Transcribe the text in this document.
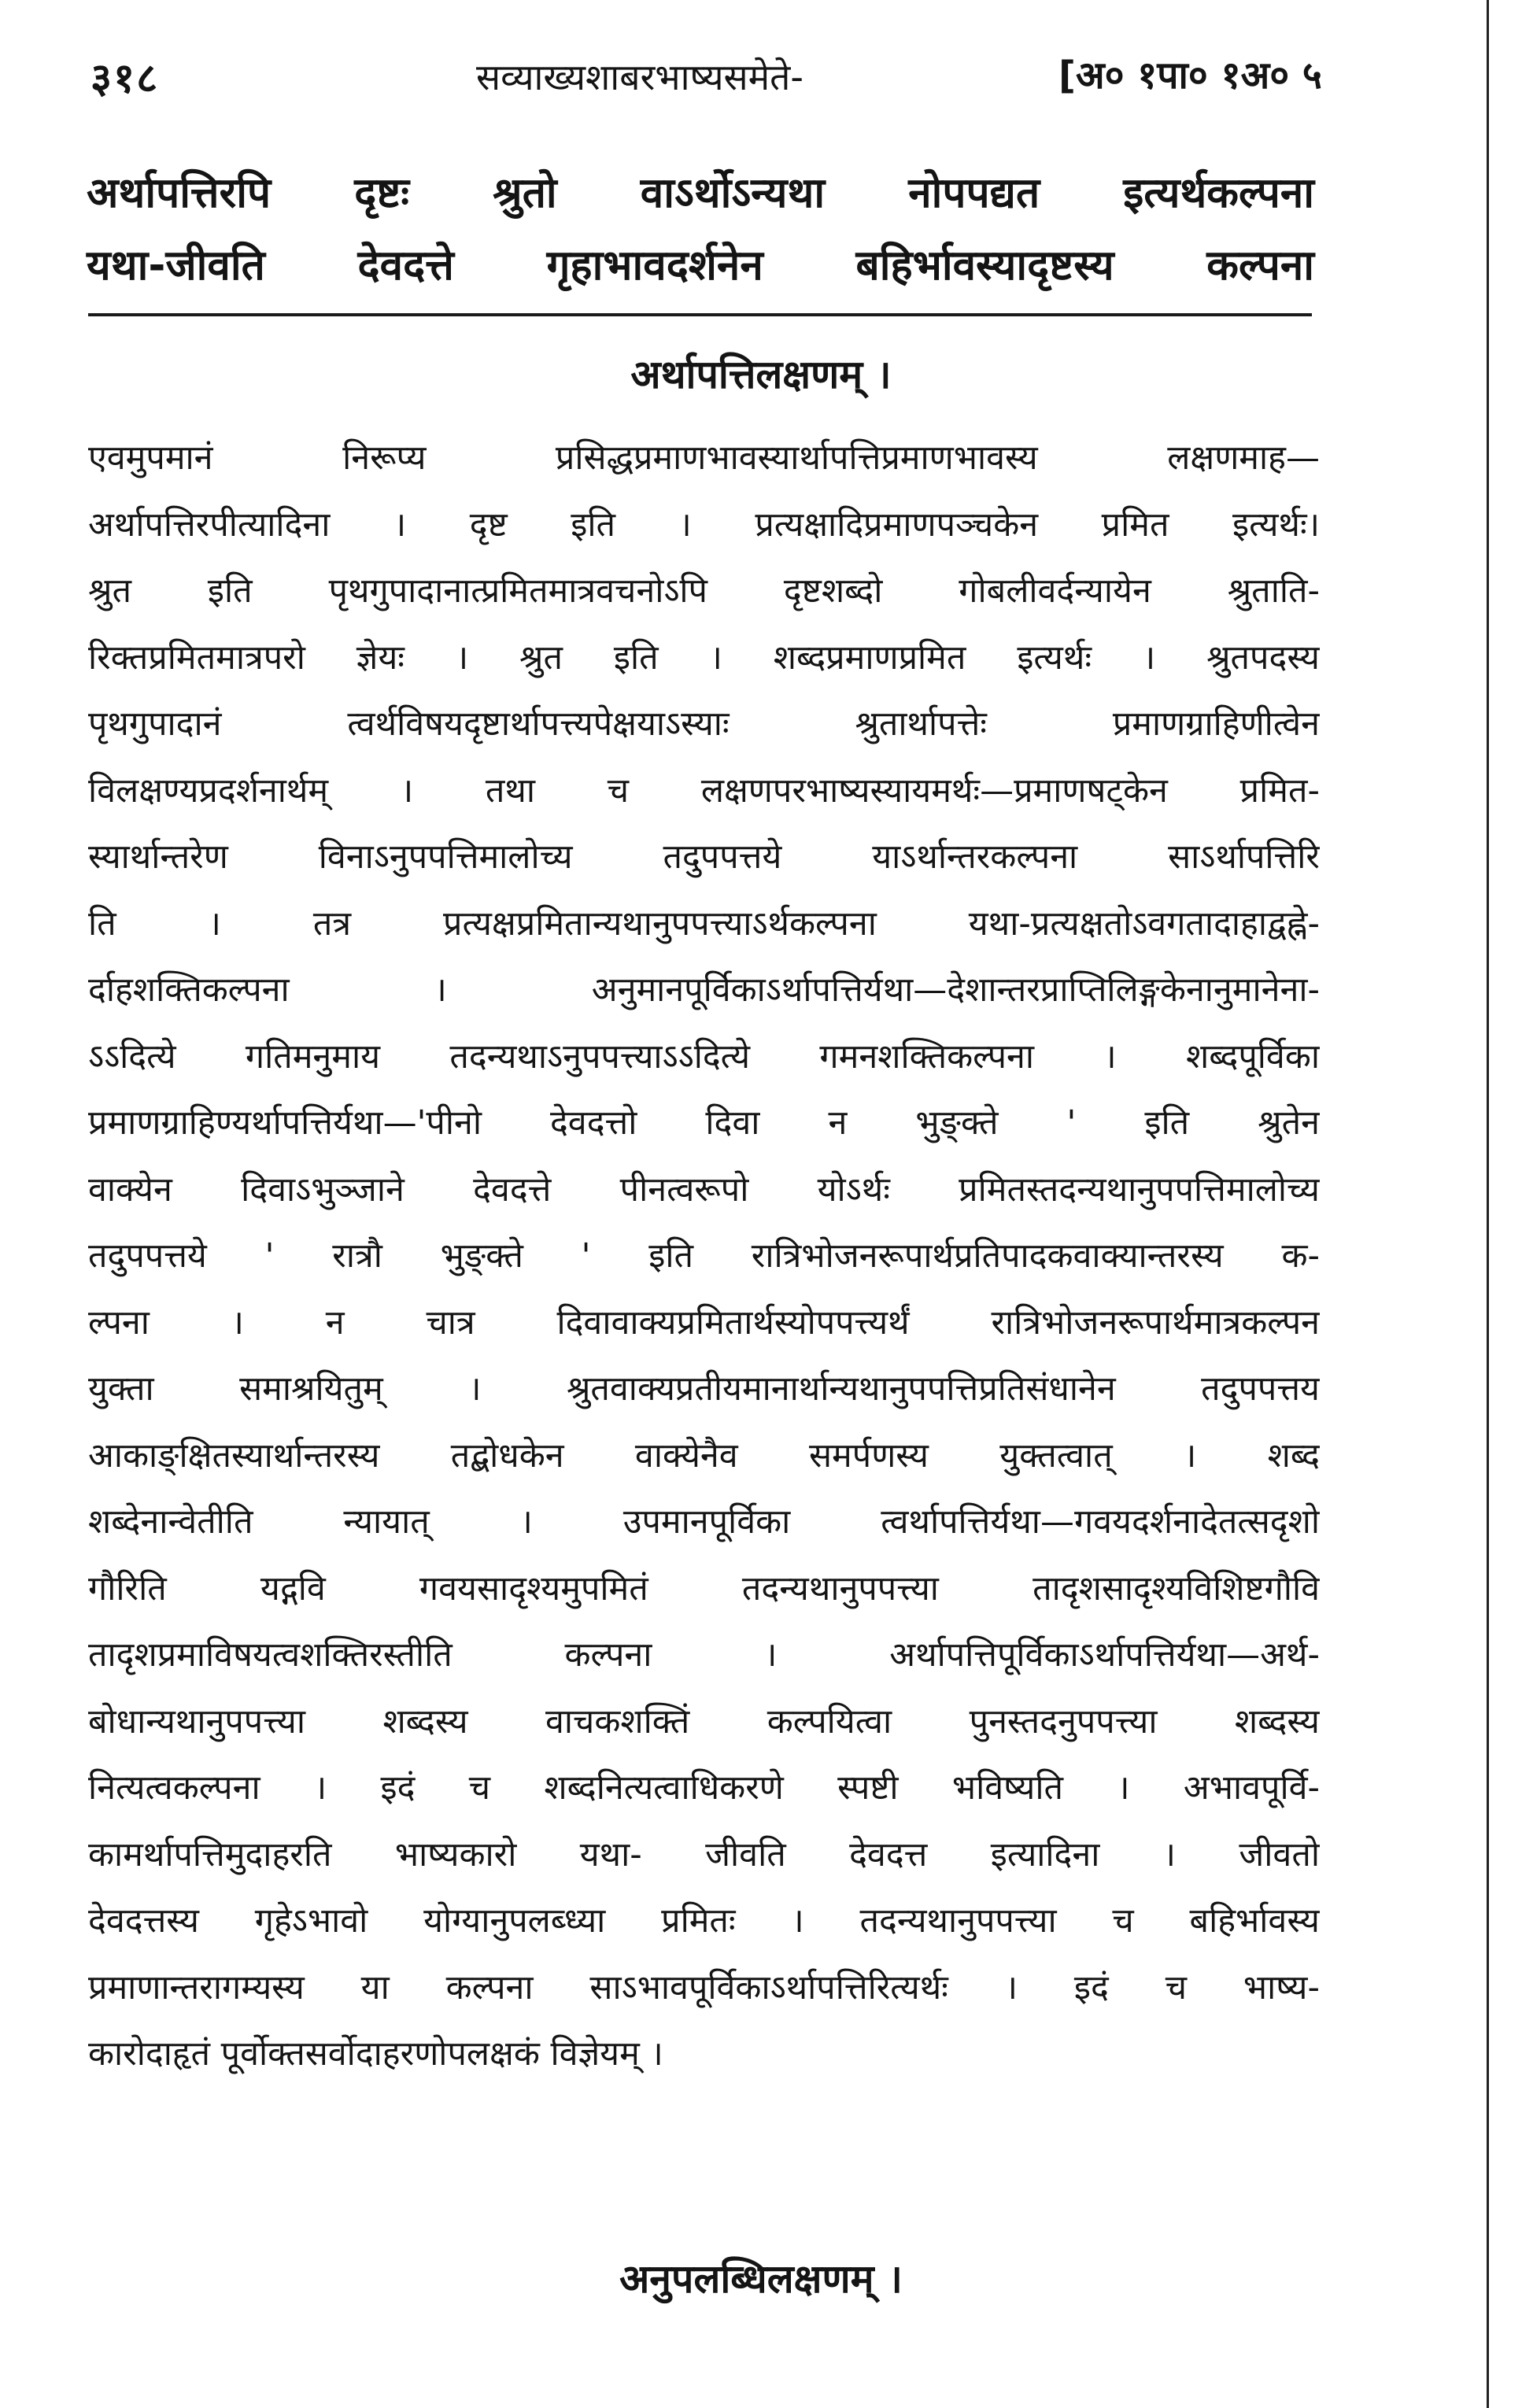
३१८	सव्याख्यशाबरभाष्यसमेते-	[अ० १पा० १अ० ५
अर्थापत्तिरपि दृष्टः श्रुतो वाऽर्थोऽन्यथा नोपपद्यत इत्यर्थकल्पना
यथा-जीवति देवदत्ते गृहाभावदर्शनेन बहिर्भावस्यादृष्टस्य कल्पना
अर्थापत्तिलक्षणम् ।
एवमुपमानं निरूप्य प्रसिद्धप्रमाणभावस्यार्थापत्तिप्रमाणभावस्य लक्षणमाह—
अर्थापत्तिरपीत्यादिना । दृष्ट इति । प्रत्यक्षादिप्रमाणपञ्चकेन प्रमित इत्यर्थः।
श्रुत इति पृथगुपादानात्प्रमितमात्रवचनोऽपि दृष्टशब्दो गोबलीवर्दन्यायेन श्रुताति-
रिक्तप्रमितमात्रपरो ज्ञेयः । श्रुत इति । शब्दप्रमाणप्रमित इत्यर्थः । श्रुतपदस्य
पृथगुपादानं त्वर्थविषयदृष्टार्थापत्त्यपेक्षयाऽस्याः श्रुतार्थापत्तेः प्रमाणग्राहिणीत्वेन
विलक्षण्यप्रदर्शनार्थम् । तथा च लक्षणपरभाष्यस्यायमर्थः—प्रमाणषट्केन प्रमित-
स्यार्थान्तरेण विनाऽनुपपत्तिमालोच्य तदुपपत्तये याऽर्थान्तरकल्पना साऽर्थापत्तिरि
ति । तत्र प्रत्यक्षप्रमितान्यथानुपपत्त्याऽर्थकल्पना यथा-प्रत्यक्षतोऽवगतादाहाद्वह्ने-
र्दाहशक्तिकल्पना । अनुमानपूर्विकाऽर्थापत्तिर्यथा—देशान्तरप्राप्तिलिङ्गकेनानुमानेना-
ऽऽदित्ये गतिमनुमाय तदन्यथाऽनुपपत्त्याऽऽदित्ये गमनशक्तिकल्पना । शब्दपूर्विका
प्रमाणग्राहिण्यर्थापत्तिर्यथा—'पीनो देवदत्तो दिवा न भुङ्क्ते ' इति श्रुतेन
वाक्येन दिवाऽभुञ्जाने देवदत्ते पीनत्वरूपो योऽर्थः प्रमितस्तदन्यथानुपपत्तिमालोच्य
तदुपपत्तये ' रात्रौ भुङ्क्ते ' इति रात्रिभोजनरूपार्थप्रतिपादकवाक्यान्तरस्य क-
ल्पना । न चात्र दिवावाक्यप्रमितार्थस्योपपत्त्यर्थं रात्रिभोजनरूपार्थमात्रकल्पन
युक्ता समाश्रयितुम् । श्रुतवाक्यप्रतीयमानार्थान्यथानुपपत्तिप्रतिसंधानेन तदुपपत्तय
आकाङ्क्षितस्यार्थान्तरस्य तद्बोधकेन वाक्येनैव समर्पणस्य युक्तत्वात् । शब्द
शब्देनान्वेतीति न्यायात् । उपमानपूर्विका त्वर्थापत्तिर्यथा—गवयदर्शनादेतत्सदृशो
गौरिति यद्गवि गवयसादृश्यमुपमितं तदन्यथानुपपत्त्या तादृशसादृश्यविशिष्टगौवि
तादृशप्रमाविषयत्वशक्तिरस्तीति कल्पना । अर्थापत्तिपूर्विकाऽर्थापत्तिर्यथा—अर्थ-
बोधान्यथानुपपत्त्या शब्दस्य वाचकशक्तिं कल्पयित्वा पुनस्तदनुपपत्त्या शब्दस्य
नित्यत्वकल्पना । इदं च शब्दनित्यत्वाधिकरणे स्पष्टी भविष्यति । अभावपूर्वि-
कामर्थापत्तिमुदाहरति भाष्यकारो यथा- जीवति देवदत्त इत्यादिना । जीवतो
देवदत्तस्य गृहेऽभावो योग्यानुपलब्ध्या प्रमितः । तदन्यथानुपपत्त्या च बहिर्भावस्य
प्रमाणान्तरागम्यस्य या कल्पना साऽभावपूर्विकाऽर्थापत्तिरित्यर्थः । इदं च भाष्य-
कारोदाहृतं पूर्वोक्तसर्वोदाहरणोपलक्षकं विज्ञेयम् ।
अनुपलब्धिलक्षणम् ।
